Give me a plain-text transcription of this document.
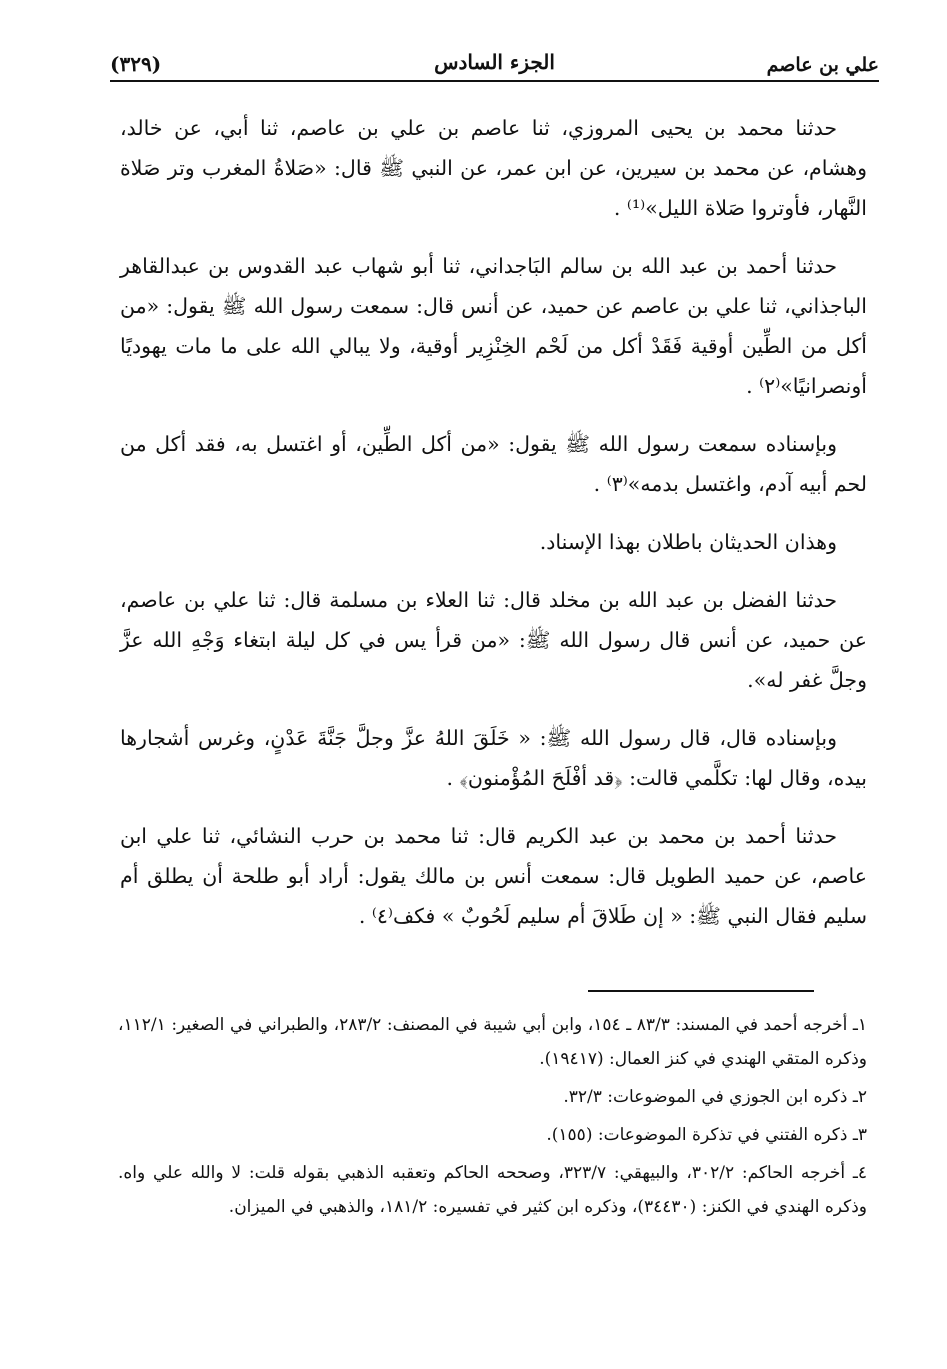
علي بن عاصم
الجزء السادس
(٣٢٩)

حدثنا محمد بن يحيى المروزي، ثنا عاصم بن علي بن عاصم، ثنا أبي، عن خالد، وهشام، عن محمد بن سيرين، عن ابن عمر، عن النبي ﷺ قال: «صَلاةُ المغرب وتر صَلاة النَّهار، فأوتروا صَلاة الليل»⁽¹⁾ .

حدثنا أحمد بن عبد الله بن سالم البَاجداني، ثنا أبو شهاب عبد القدوس بن عبدالقاهر الباجذاني، ثنا علي بن عاصم عن حميد، عن أنس قال: سمعت رسول الله ﷺ يقول: «من أكل من الطِّين أوقية فَقَدْ أكل من لَحْم الخِنْزِير أوقية، ولا يبالي الله على ما مات يهوديًا أونصرانيًا»⁽٢⁾ .

وبإسناده سمعت رسول الله ﷺ يقول: «من أكل الطِّين، أو اغتسل به، فقد أكل من لحم أبيه آدم، واغتسل بدمه»⁽٣⁾ .

وهذان الحديثان باطلان بهذا الإسناد.

حدثنا الفضل بن عبد الله بن مخلد قال: ثنا العلاء بن مسلمة قال: ثنا علي بن عاصم، عن حميد، عن أنس قال رسول الله ﷺ: «من قرأ يس في كل ليلة ابتغاء وَجْهِ الله عزَّ وجلَّ غفر له».

وبإسناده قال، قال رسول الله ﷺ: « خَلَقَ اللهُ عزَّ وجلَّ جَنَّةَ عَدْنٍ، وغرس أشجارها بيده، وقال لها: تكلَّمي قالت: ﴿قد أفْلَحَ المُؤْمنون﴾ .

حدثنا أحمد بن محمد بن عبد الكريم قال: ثنا محمد بن حرب النشائي، ثنا علي ابن عاصم، عن حميد الطويل قال: سمعت أنس بن مالك يقول: أراد أبو طلحة أن يطلق أم سليم فقال النبي ﷺ: « إن طَلاقَ أم سليم لَحُوبٌ » فكف⁽٤⁾ .

١ـ أخرجه أحمد في المسند: ٨٣/٣ ـ ١٥٤، وابن أبي شيبة في المصنف: ٢٨٣/٢، والطبراني في الصغير: ١١٢/١، وذكره المتقي الهندي في كنز العمال: (١٩٤١٧).

٢ـ ذكره ابن الجوزي في الموضوعات: ٣٢/٣.

٣ـ ذكره الفتني في تذكرة الموضوعات: (١٥٥).

٤ـ أخرجه الحاكم: ٣٠٢/٢، والبيهقي: ٣٢٣/٧، وصححه الحاكم وتعقبه الذهبي بقوله قلت: لا والله علي واه. وذكره الهندي في الكنز: (٣٤٤٣٠)، وذكره ابن كثير في تفسيره: ١٨١/٢، والذهبي في الميزان.
